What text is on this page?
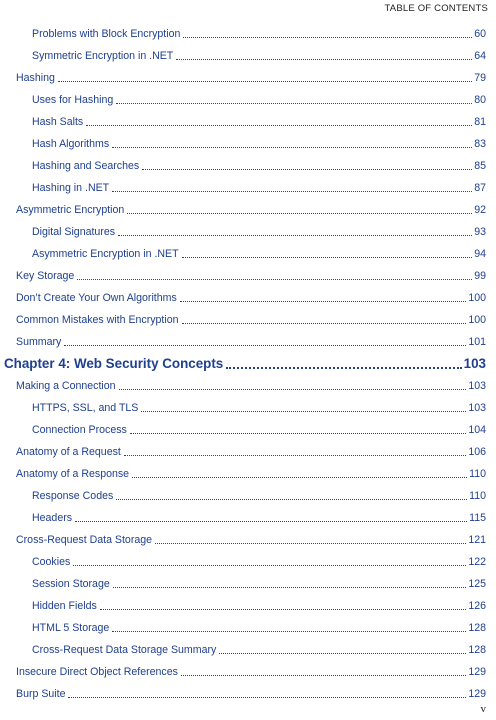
TABLE OF CONTENTS
Problems with Block Encryption	60
Symmetric Encryption in .NET	64
Hashing	79
Uses for Hashing	80
Hash Salts	81
Hash Algorithms	83
Hashing and Searches	85
Hashing in .NET	87
Asymmetric Encryption	92
Digital Signatures	93
Asymmetric Encryption in .NET	94
Key Storage	99
Don’t Create Your Own Algorithms	100
Common Mistakes with Encryption	100
Summary	101
Chapter 4: Web Security Concepts	103
Making a Connection	103
HTTPS, SSL, and TLS	103
Connection Process	104
Anatomy of a Request	106
Anatomy of a Response	110
Response Codes	110
Headers	115
Cross-Request Data Storage	121
Cookies	122
Session Storage	125
Hidden Fields	126
HTML 5 Storage	128
Cross-Request Data Storage Summary	128
Insecure Direct Object References	129
Burp Suite	129
v
